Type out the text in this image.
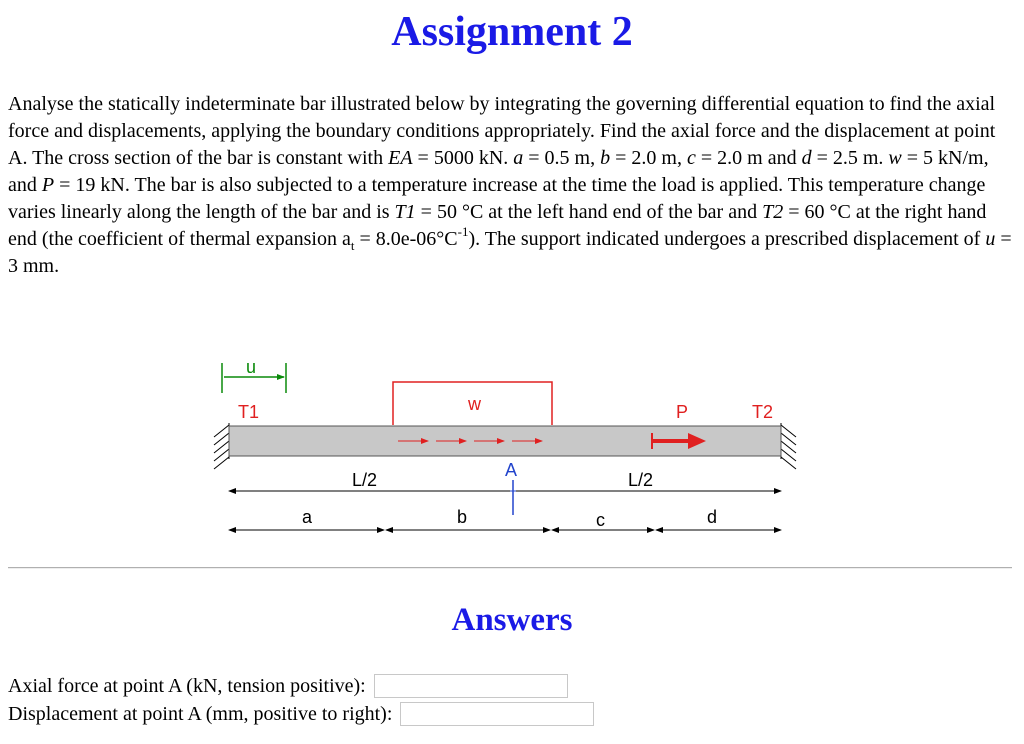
Assignment 2
Analyse the statically indeterminate bar illustrated below by integrating the governing differential equation to find the axial force and displacements, applying the boundary conditions appropriately. Find the axial force and the displacement at point A. The cross section of the bar is constant with EA = 5000 kN. a = 0.5 m, b = 2.0 m, c = 2.0 m and d = 2.5 m. w = 5 kN/m, and P = 19 kN. The bar is also subjected to a temperature increase at the time the load is applied. This temperature change varies linearly along the length of the bar and is T1 = 50 °C at the left hand end of the bar and T2 = 60 °C at the right hand end (the coefficient of thermal expansion $a_t = 8.0e-06^\circ C^{-1}$). The support indicated undergoes a prescribed displacement of u = 3 mm.
u
T1	T2
w	P
A
L/2	L/2
a	b	c	d
Answers
Axial force at point A (kN, tension positive):
Displacement at point A (mm, positive to right):
